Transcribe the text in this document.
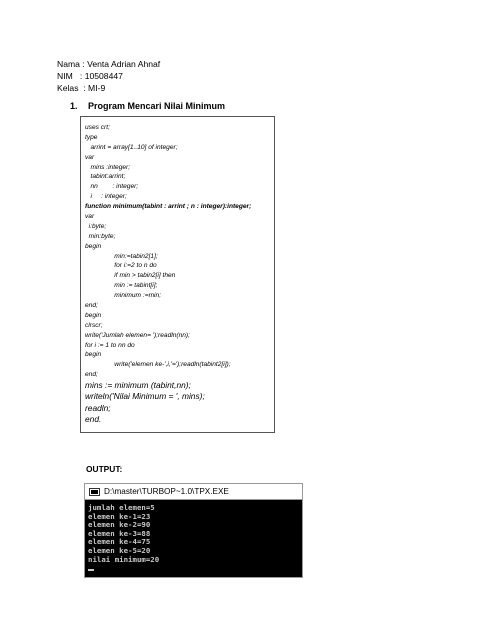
Nama : Venta Adrian Ahnaf
NIM   : 10508447
Kelas  : MI-9
1. Program Mencari Nilai Minimum
uses crt;
type
arrint = array[1..10] of integer;
var
mins :integer;
tabint:arrint;
nn        : integer;
i     : integer;
function minimum(tabint : arrint ; n : integer):integer;
var
i:byte;
min:byte;
begin
min:=tabin2[1];
for i:=2 to n do
if min > tabin2[i] then
min := tabint[i];
minimum :=min;
end;
begin
clrscr;
write('Jumlah elemen= ');readln(nn);
for i := 1 to nn do
begin
write('elemen ke-',i,'=');readln(tabint2[i]);
end;
mins := minimum (tabint,nn);
writeln('Nilai Minimum = ', mins);
readln;
end.
OUTPUT:
D:\master\TURBOP~1.0\TPX.EXE
jumlah elemen=5
elemen ke-1=23
elemen ke-2=90
elemen ke-3=88
elemen ke-4=75
elemen ke-5=20
nilai minimum=20
